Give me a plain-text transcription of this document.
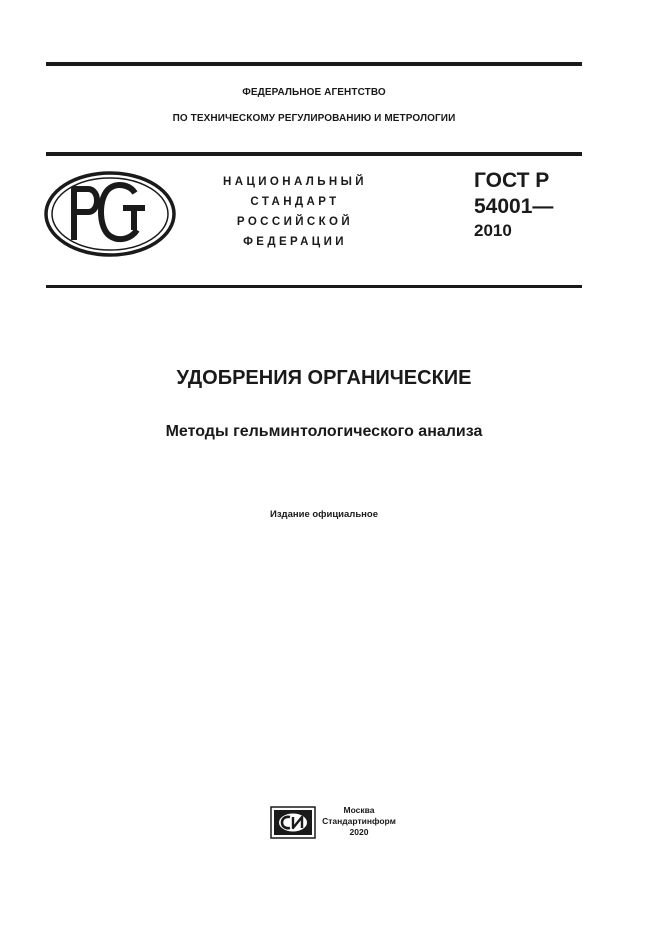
ФЕДЕРАЛЬНОЕ АГЕНТСТВО
ПО ТЕХНИЧЕСКОМУ РЕГУЛИРОВАНИЮ И МЕТРОЛОГИИ
НАЦИОНАЛЬНЫЙ
СТАНДАРТ
РОССИЙСКОЙ
ФЕДЕРАЦИИ
ГОСТ Р
54001—
2010
УДОБРЕНИЯ ОРГАНИЧЕСКИЕ
Методы гельминтологического анализа
Издание официальное
Москва
Стандартинформ
2020
